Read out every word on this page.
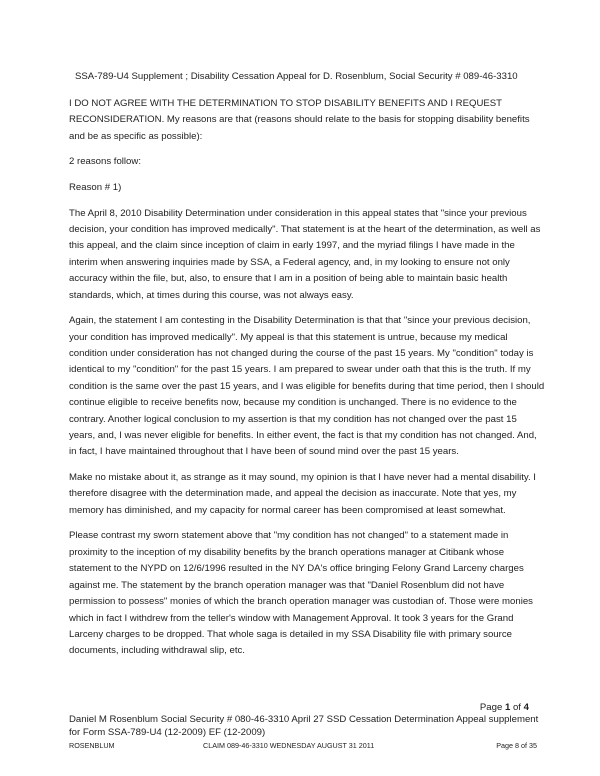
SSA-789-U4 Supplement ; Disability Cessation Appeal for D. Rosenblum, Social Security # 089-46-3310

I DO NOT AGREE WITH THE DETERMINATION TO STOP DISABILITY BENEFITS AND I REQUEST RECONSIDERATION. My reasons are that (reasons should relate to the basis for stopping disability benefits and be as specific as possible):

2 reasons follow:

Reason # 1)

The April 8, 2010 Disability Determination under consideration in this appeal states that "since your previous decision, your condition has improved medically". That statement is at the heart of the determination, as well as this appeal, and the claim since inception of claim in early 1997, and the myriad filings I have made in the interim when answering inquiries made by SSA, a Federal agency, and, in my looking to ensure not only accuracy within the file, but, also, to ensure that I am in a position of being able to maintain basic health standards, which, at times during this course, was not always easy.

Again, the statement I am contesting in the Disability Determination is that that "since your previous decision, your condition has improved medically". My appeal is that this statement is untrue, because my medical condition under consideration has not changed during the course of the past 15 years. My "condition" today is identical to my "condition" for the past 15 years. I am prepared to swear under oath that this is the truth. If my condition is the same over the past 15 years, and I was eligible for benefits during that time period, then I should continue eligible to receive benefits now, because my condition is unchanged. There is no evidence to the contrary. Another logical conclusion to my assertion is that my condition has not changed over the past 15 years, and, I was never eligible for benefits. In either event, the fact is that my condition has not changed. And, in fact, I have maintained throughout that I have been of sound mind over the past 15 years.

Make no mistake about it, as strange as it may sound, my opinion is that I have never had a mental disability. I therefore disagree with the determination made, and appeal the decision as inaccurate. Note that yes, my memory has diminished, and my capacity for normal career has been compromised at least somewhat.

Please contrast my sworn statement above that "my condition has not changed" to a statement made in proximity to the inception of my disability benefits by the branch operations manager at Citibank whose statement to the NYPD on 12/6/1996 resulted in the NY DA's office bringing Felony Grand Larceny charges against me. The statement by the branch operation manager was that "Daniel Rosenblum did not have permission to possess" monies of which the branch operation manager was custodian of. Those were monies which in fact I withdrew from the teller's window with Management Approval. It took 3 years for the Grand Larceny charges to be dropped. That whole saga is detailed in my SSA Disability file with primary source documents, including withdrawal slip, etc.

Page 1 of 4
Daniel M Rosenblum Social Security # 080-46-3310 April 27 SSD Cessation Determination Appeal supplement for Form SSA-789-U4 (12-2009) EF (12-2009)
ROSENBLUM	CLAIM 089-46-3310 WEDNESDAY AUGUST 31 2011	Page 8 of 35
